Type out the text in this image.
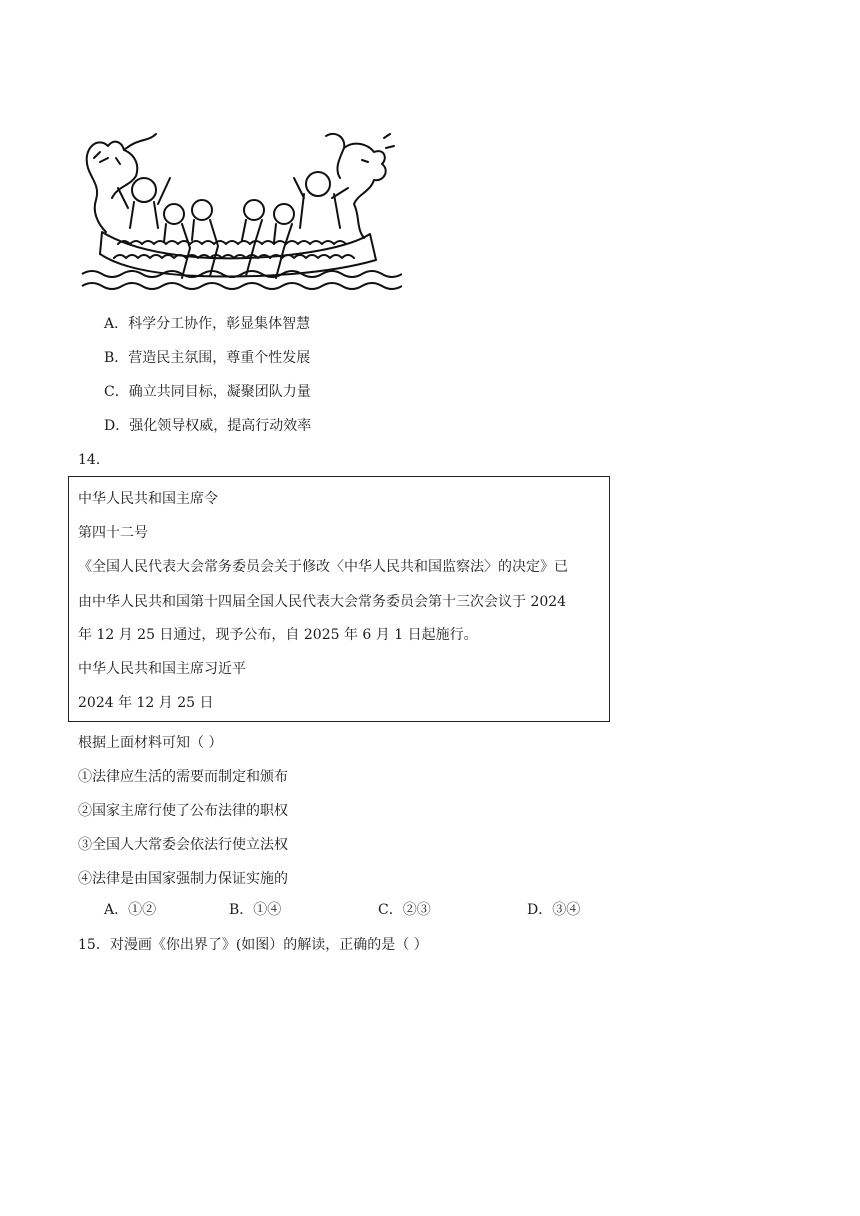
A．科学分工协作，彰显集体智慧
B．营造民主氛围，尊重个性发展
C．确立共同目标，凝聚团队力量
D．强化领导权威，提高行动效率
14．
中华人民共和国主席令
第四十二号
《全国人民代表大会常务委员会关于修改〈中华人民共和国监察法〉的决定》已
由中华人民共和国第十四届全国人民代表大会常务委员会第十三次会议于 2024
年 12 月 25 日通过，现予公布，自 2025 年 6 月 1 日起施行。
中华人民共和国主席习近平
2024 年 12 月 25 日
根据上面材料可知（ ）
①法律应生活的需要而制定和颁布
②国家主席行使了公布法律的职权
③全国人大常委会依法行使立法权
④法律是由国家强制力保证实施的
A．①②	B．①④	C．②③	D．③④
15．对漫画《你出界了》(如图）的解读，正确的是（ ）
